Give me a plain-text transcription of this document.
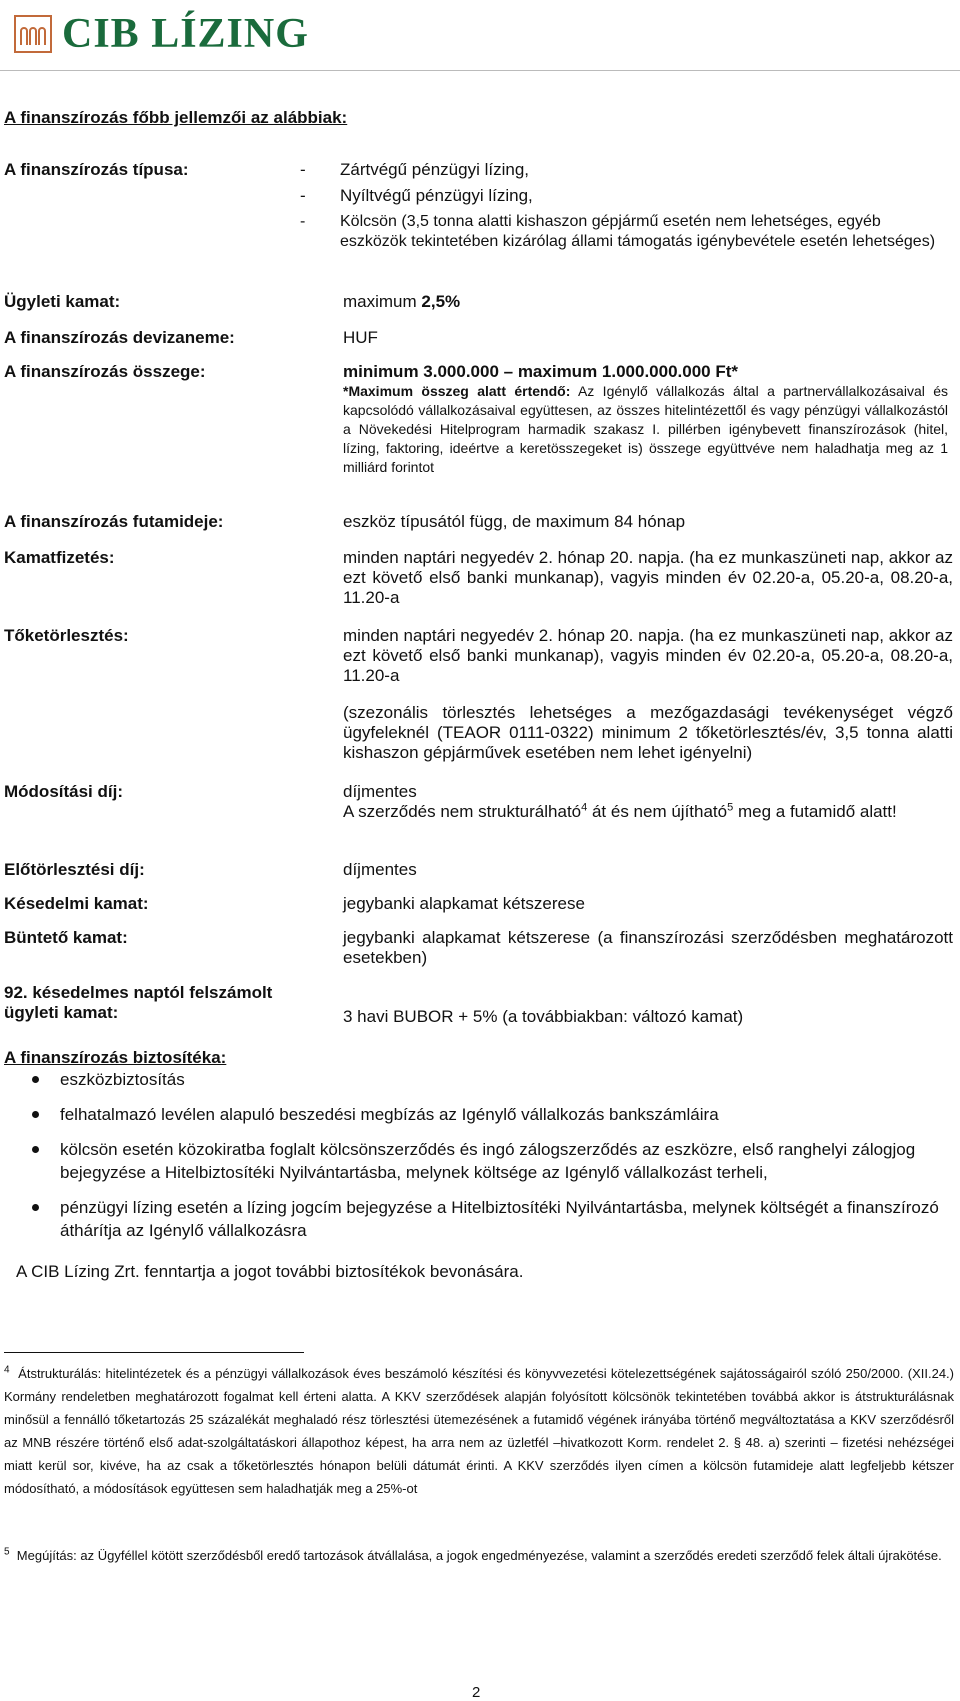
CIB LÍZING
A finanszírozás főbb jellemzői az alábbiak:
A finanszírozás típusa:	- Zártvégű pénzügyi lízing,
- Nyíltvégű pénzügyi lízing,
- Kölcsön (3,5 tonna alatti kishaszon gépjármű esetén nem lehetséges, egyéb eszközök tekintetében kizárólag állami támogatás igénybevétele esetén lehetséges)
Ügyleti kamat:	maximum 2,5%
A finanszírozás devizaneme:	HUF
A finanszírozás összege:	minimum 3.000.000 – maximum 1.000.000.000 Ft*
*Maximum összeg alatt értendő: Az Igénylő vállalkozás által a partnervállalkozásaival és kapcsolódó vállalkozásaival együttesen, az összes hitelintézettől és vagy pénzügyi vállalkozástól a Növekedési Hitelprogram harmadik szakasz I. pillérben igénybevett finanszírozások (hitel, lízing, faktoring, ideértve a keretösszegeket is) összege együttvéve nem haladhatja meg az 1 milliárd forintot
A finanszírozás futamideje:	eszköz típusától függ, de maximum 84 hónap
Kamatfizetés:	minden naptári negyedév 2. hónap 20. napja. (ha ez munkaszüneti nap, akkor az ezt követő első banki munkanap), vagyis minden év 02.20-a, 05.20-a, 08.20-a, 11.20-a
Tőketörlesztés:	minden naptári negyedév 2. hónap 20. napja. (ha ez munkaszüneti nap, akkor az ezt követő első banki munkanap), vagyis minden év 02.20-a, 05.20-a, 08.20-a, 11.20-a
(szezonális törlesztés lehetséges a mezőgazdasági tevékenységet végző ügyfeleknél (TEAOR 0111-0322) minimum 2 tőketörlesztés/év, 3,5 tonna alatti kishaszon gépjárművek esetében nem lehet igényelni)
Módosítási díj:	díjmentes
A szerződés nem strukturálható$^4$ át és nem újítható$^5$ meg a futamidő alatt!
Előtörlesztési díj:	díjmentes
Késedelmi kamat:	jegybanki alapkamat kétszerese
Büntető kamat:	jegybanki alapkamat kétszerese (a finanszírozási szerződésben meghatározott esetekben)
92. késedelmes naptól felszámolt ügyleti kamat:	3 havi BUBOR + 5% (a továbbiakban: változó kamat)
A finanszírozás biztosítéka:
eszközbiztosítás
felhatalmazó levélen alapuló beszedési megbízás az Igénylő vállalkozás bankszámláira
kölcsön esetén közokiratba foglalt kölcsönszerződés és ingó zálogszerződés az eszközre, első ranghelyi zálogjog bejegyzése a Hitelbiztosítéki Nyilvántartásba, melynek költsége az Igénylő vállalkozást terheli,
pénzügyi lízing esetén a lízing jogcím bejegyzése a Hitelbiztosítéki Nyilvántartásba, melynek költségét a finanszírozó áthárítja az Igénylő vállalkozásra
A CIB Lízing Zrt. fenntartja a jogot további biztosítékok bevonására.
$^4$ Átstrukturálás: hitelintézetek és a pénzügyi vállalkozások éves beszámoló készítési és könyvvezetési kötelezettségének sajátosságairól szóló 250/2000. (XII.24.) Kormány rendeletben meghatározott fogalmat kell érteni alatta. A KKV szerződések alapján folyósított kölcsönök tekintetében továbbá akkor is átstrukturálásnak minősül a fennálló tőketartozás 25 százalékát meghaladó rész törlesztési ütemezésének a futamidő végének irányába történő megváltoztatása a KKV szerződésről az MNB részére történő első adat-szolgáltatáskori állapothoz képest, ha arra nem az üzletfél –hivatkozott Korm. rendelet 2. § 48. a) szerinti – fizetési nehézségei miatt kerül sor, kivéve, ha az csak a tőketörlesztés hónapon belüli dátumát érinti. A KKV szerződés ilyen címen a kölcsön futamideje alatt legfeljebb kétszer módosítható, a módosítások együttesen sem haladhatják meg a 25%-ot
$^5$ Megújítás: az Ügyféllel kötött szerződésből eredő tartozások átvállalása, a jogok engedményezése, valamint a szerződés eredeti szerződő felek általi újrakötése.
2
